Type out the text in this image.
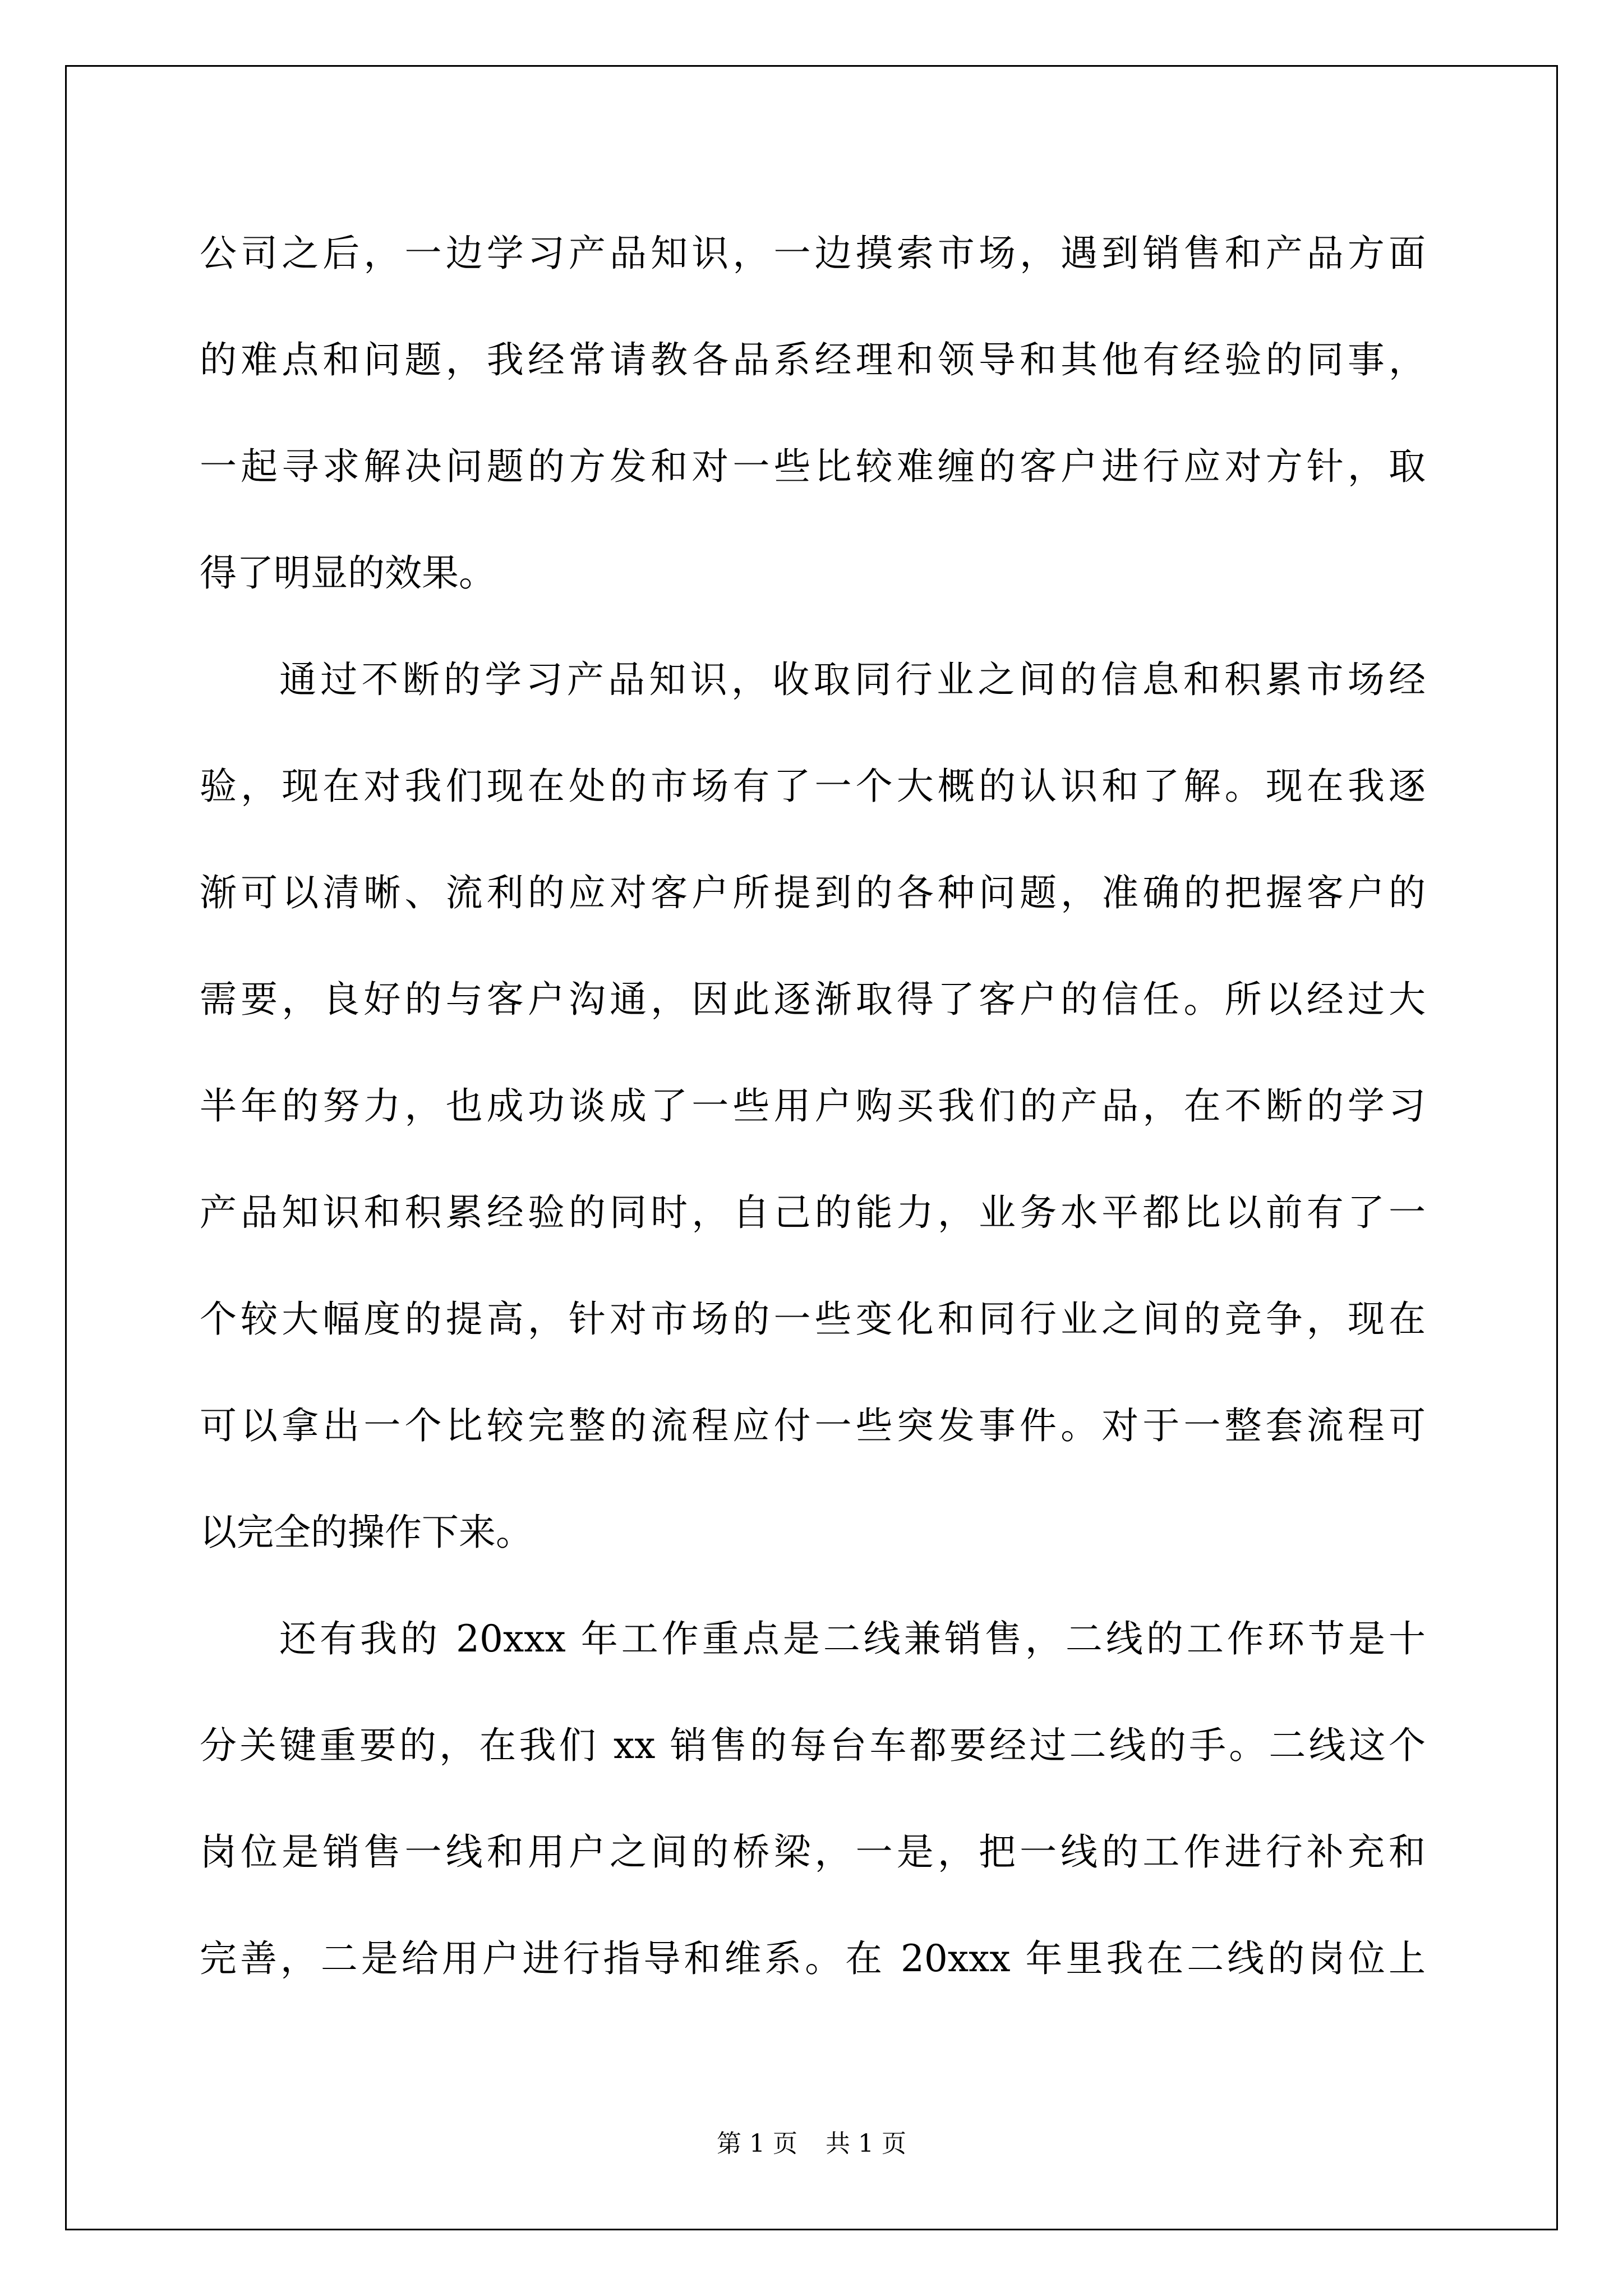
公司之后，一边学习产品知识，一边摸索市场，遇到销售和产品方面
的难点和问题，我经常请教各品系经理和领导和其他有经验的同事，
一起寻求解决问题的方发和对一些比较难缠的客户进行应对方针，取
得了明显的效果。
通过不断的学习产品知识，收取同行业之间的信息和积累市场经
验，现在对我们现在处的市场有了一个大概的认识和了解。现在我逐
渐可以清晰、流利的应对客户所提到的各种问题，准确的把握客户的
需要，良好的与客户沟通，因此逐渐取得了客户的信任。所以经过大
半年的努力，也成功谈成了一些用户购买我们的产品，在不断的学习
产品知识和积累经验的同时，自己的能力，业务水平都比以前有了一
个较大幅度的提高，针对市场的一些变化和同行业之间的竞争，现在
可以拿出一个比较完整的流程应付一些突发事件。对于一整套流程可
以完全的操作下来。
还有我的 20xxx 年工作重点是二线兼销售，二线的工作环节是十
分关键重要的，在我们 xx 销售的每台车都要经过二线的手。二线这个
岗位是销售一线和用户之间的桥梁，一是，把一线的工作进行补充和
完善，二是给用户进行指导和维系。在 20xxx 年里我在二线的岗位上
第 1 页 共 1 页
